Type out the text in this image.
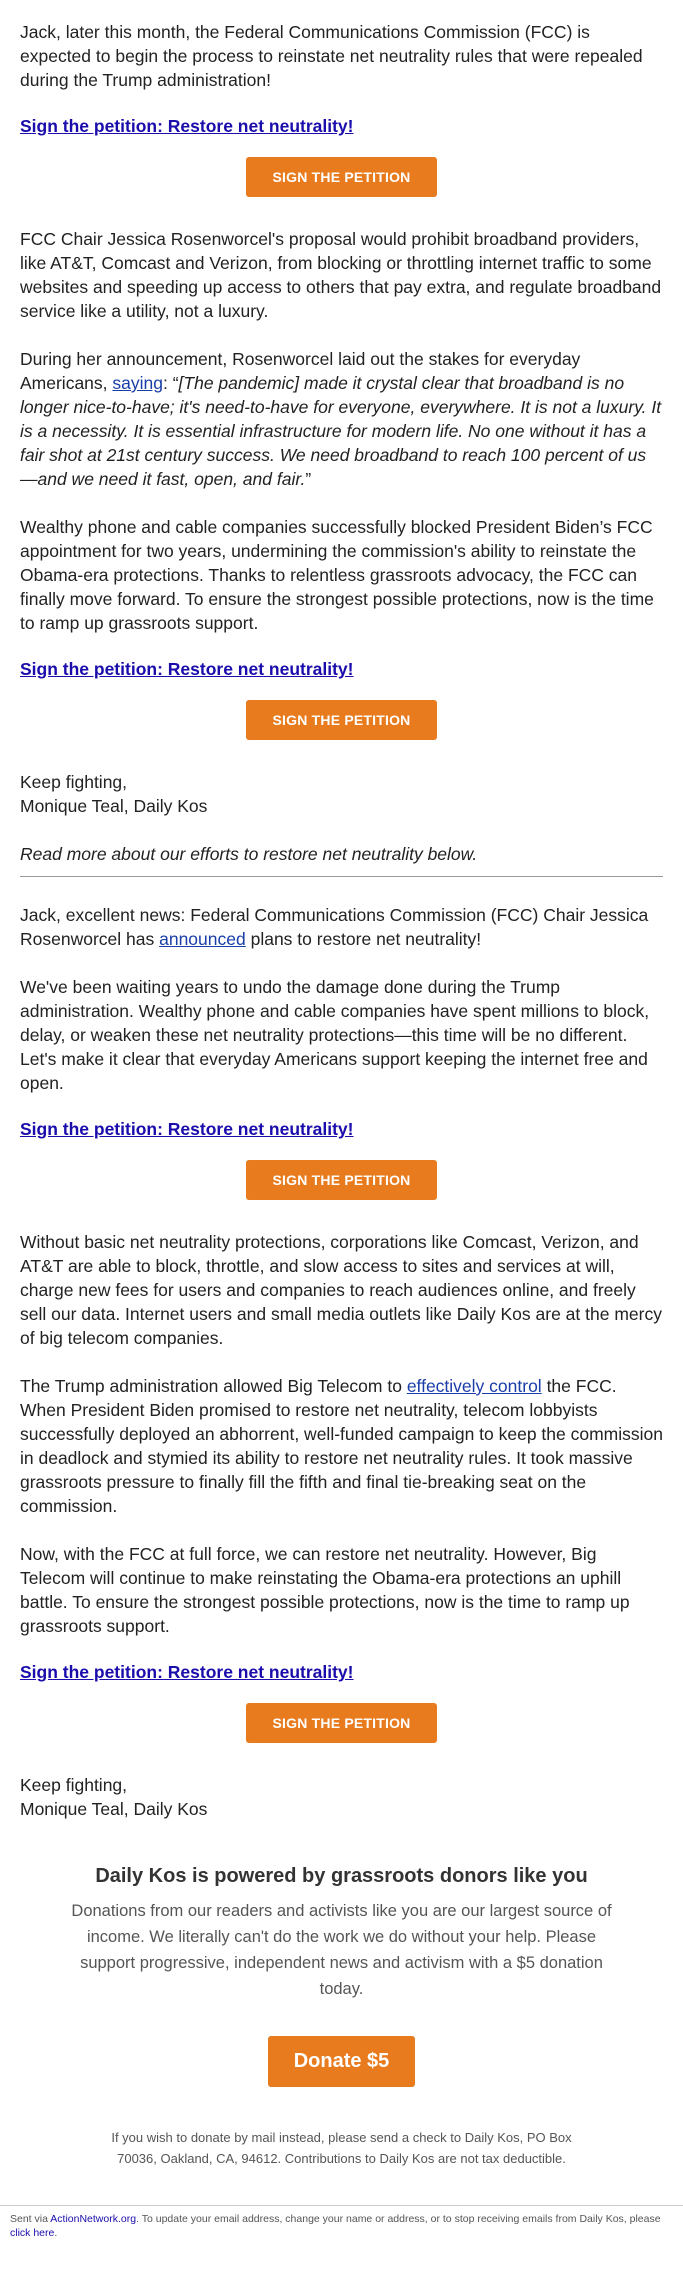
Jack, later this month, the Federal Communications Commission (FCC) is expected to begin the process to reinstate net neutrality rules that were repealed during the Trump administration!

Sign the petition: Restore net neutrality!
SIGN THE PETITION

FCC Chair Jessica Rosenworcel's proposal would prohibit broadband providers, like AT&T, Comcast and Verizon, from blocking or throttling internet traffic to some websites and speeding up access to others that pay extra, and regulate broadband service like a utility, not a luxury.

During her announcement, Rosenworcel laid out the stakes for everyday Americans, saying: “[The pandemic] made it crystal clear that broadband is no longer nice-to-have; it's need-to-have for everyone, everywhere. It is not a luxury. It is a necessity. It is essential infrastructure for modern life. No one without it has a fair shot at 21st century success. We need broadband to reach 100 percent of us—and we need it fast, open, and fair.”

Wealthy phone and cable companies successfully blocked President Biden’s FCC appointment for two years, undermining the commission's ability to reinstate the Obama-era protections. Thanks to relentless grassroots advocacy, the FCC can finally move forward. To ensure the strongest possible protections, now is the time to ramp up grassroots support.

Sign the petition: Restore net neutrality!
SIGN THE PETITION

Keep fighting,
Monique Teal, Daily Kos

Read more about our efforts to restore net neutrality below.

Jack, excellent news: Federal Communications Commission (FCC) Chair Jessica Rosenworcel has announced plans to restore net neutrality!

We've been waiting years to undo the damage done during the Trump administration. Wealthy phone and cable companies have spent millions to block, delay, or weaken these net neutrality protections—this time will be no different. Let's make it clear that everyday Americans support keeping the internet free and open.

Sign the petition: Restore net neutrality!
SIGN THE PETITION

Without basic net neutrality protections, corporations like Comcast, Verizon, and AT&T are able to block, throttle, and slow access to sites and services at will, charge new fees for users and companies to reach audiences online, and freely sell our data. Internet users and small media outlets like Daily Kos are at the mercy of big telecom companies.

The Trump administration allowed Big Telecom to effectively control the FCC. When President Biden promised to restore net neutrality, telecom lobbyists successfully deployed an abhorrent, well-funded campaign to keep the commission in deadlock and stymied its ability to restore net neutrality rules. It took massive grassroots pressure to finally fill the fifth and final tie-breaking seat on the commission.

Now, with the FCC at full force, we can restore net neutrality. However, Big Telecom will continue to make reinstating the Obama-era protections an uphill battle. To ensure the strongest possible protections, now is the time to ramp up grassroots support.

Sign the petition: Restore net neutrality!
SIGN THE PETITION

Keep fighting,
Monique Teal, Daily Kos

Daily Kos is powered by grassroots donors like you
Donations from our readers and activists like you are our largest source of income. We literally can't do the work we do without your help. Please support progressive, independent news and activism with a $5 donation today.
Donate $5
If you wish to donate by mail instead, please send a check to Daily Kos, PO Box 70036, Oakland, CA, 94612. Contributions to Daily Kos are not tax deductible.
Sent via ActionNetwork.org. To update your email address, change your name or address, or to stop receiving emails from Daily Kos, please click here.
